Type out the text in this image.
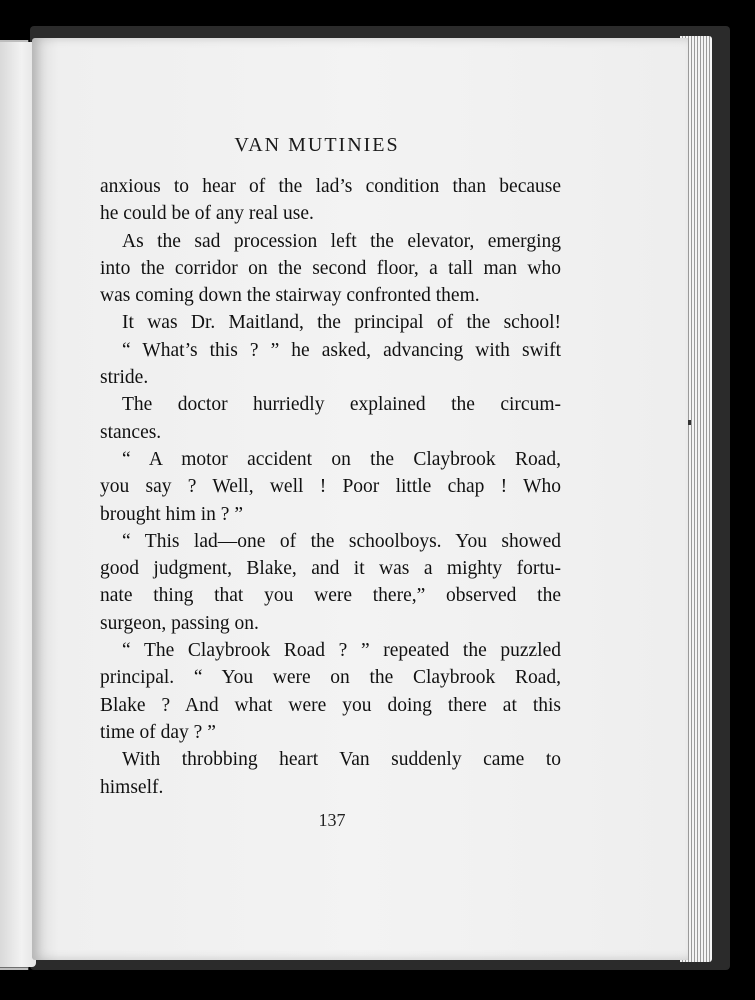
VAN MUTINIES
anxious to hear of the lad’s condition than because
he could be of any real use.
As the sad procession left the elevator, emerging
into the corridor on the second floor, a tall man who
was coming down the stairway confronted them.
It was Dr. Maitland, the principal of the school!
“ What’s this ? ” he asked, advancing with swift
stride.
The doctor hurriedly explained the circum-
stances.
“ A motor accident on the Claybrook Road,
you say ? Well, well ! Poor little chap ! Who
brought him in ? ”
“ This lad—one of the schoolboys. You showed
good judgment, Blake, and it was a mighty fortu-
nate thing that you were there,” observed the
surgeon, passing on.
“ The Claybrook Road ? ” repeated the puzzled
principal. “ You were on the Claybrook Road,
Blake ? And what were you doing there at this
time of day ? ”
With throbbing heart Van suddenly came to
himself.
137
